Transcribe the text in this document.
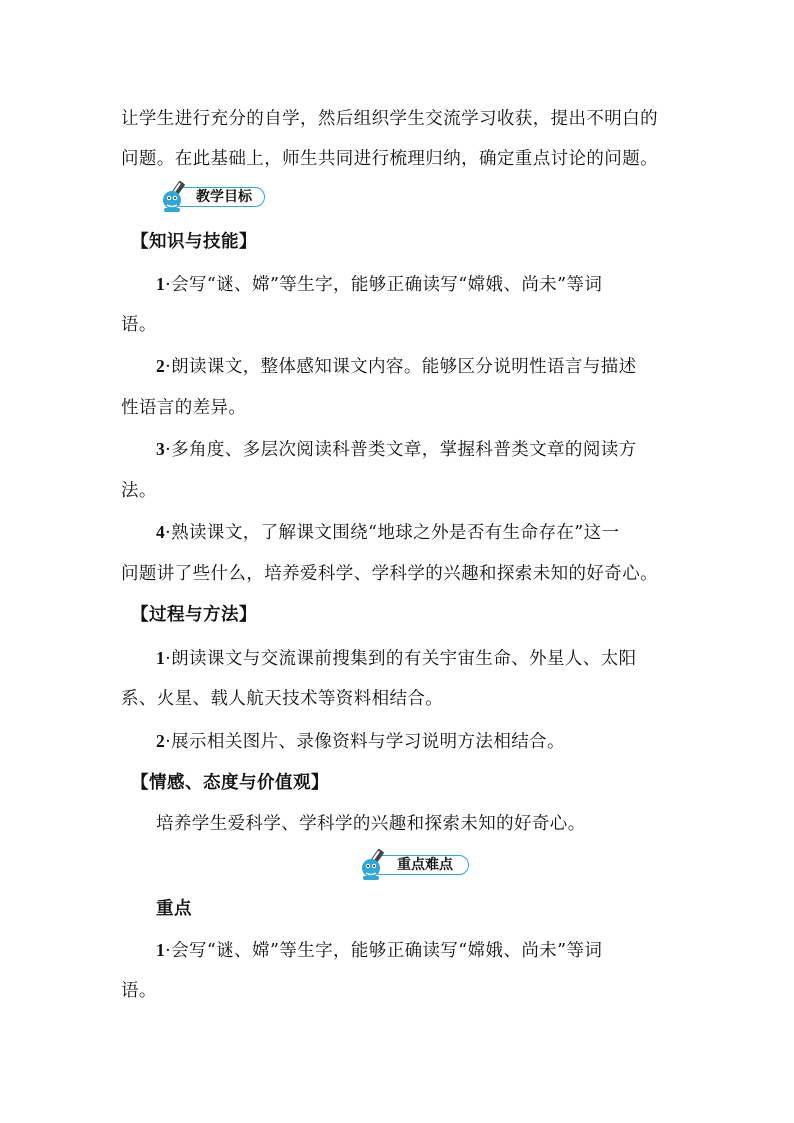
让学生进行充分的自学，然后组织学生交流学习收获，提出不明白的
问题。在此基础上，师生共同进行梳理归纳，确定重点讨论的问题。
教学目标
【知识与技能】
1·会写“谜、嫦”等生字，能够正确读写“嫦娥、尚未”等词
语。
2·朗读课文，整体感知课文内容。能够区分说明性语言与描述
性语言的差异。
3·多角度、多层次阅读科普类文章，掌握科普类文章的阅读方
法。
4·熟读课文，了解课文围绕“地球之外是否有生命存在”这一
问题讲了些什么，培养爱科学、学科学的兴趣和探索未知的好奇心。
【过程与方法】
1·朗读课文与交流课前搜集到的有关宇宙生命、外星人、太阳
系、火星、载人航天技术等资料相结合。
2·展示相关图片、录像资料与学习说明方法相结合。
【情感、态度与价值观】
培养学生爱科学、学科学的兴趣和探索未知的好奇心。
重点难点
重点
1·会写“谜、嫦”等生字，能够正确读写“嫦娥、尚未”等词
语。
